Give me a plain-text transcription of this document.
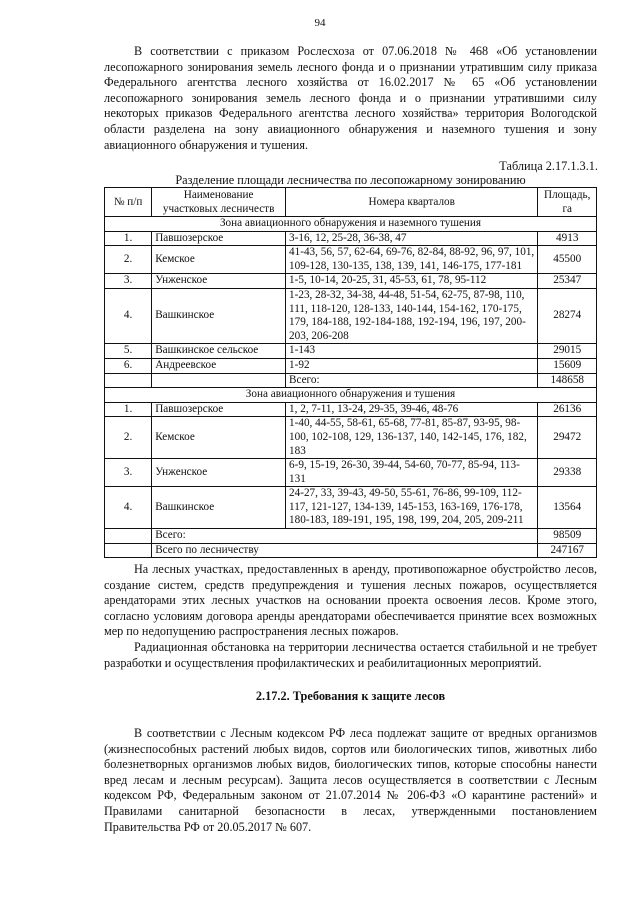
94

В соответствии с приказом Рослесхоза от 07.06.2018 № 468 «Об установлении лесопожарного зонирования земель лесного фонда и о признании утратившим силу приказа Федерального агентства лесного хозяйства от 16.02.2017 № 65 «Об установлении лесопожарного зонирования земель лесного фонда и о признании утратившими силу некоторых приказов Федерального агентства лесного хозяйства» территория Вологодской области разделена на зону авиационного обнаружения и наземного тушения и зону авиационного обнаружения и тушения.

Таблица 2.17.1.3.1.
Разделение площади лесничества по лесопожарному зонированию
№ п/п	Наименование участковых лесничеств	Номера кварталов	Площадь, га
Зона авиационного обнаружения и наземного тушения			
1.	Павшозерское	3-16, 12, 25-28, 36-38, 47	4913
2.	Кемское	41-43, 56, 57, 62-64, 69-76, 82-84, 88-92, 96, 97, 101, 109-128, 130-135, 138, 139, 141, 146-175, 177-181	45500
3.	Унженское	1-5, 10-14, 20-25, 31, 45-53, 61, 78, 95-112	25347
4.	Вашкинское	1-23, 28-32, 34-38, 44-48, 51-54, 62-75, 87-98, 110, 111, 118-120, 128-133, 140-144, 154-162, 170-175, 179, 184-188, 192-184-188, 192-194, 196, 197, 200-203, 206-208	28274
5.	Вашкинское сельское	1-143	29015
6.	Андреевское	1-92	15609
		Всего:	148658
Зона авиационного обнаружения и тушения			
1.	Павшозерское	1, 2, 7-11, 13-24, 29-35, 39-46, 48-76	26136
2.	Кемское	1-40, 44-55, 58-61, 65-68, 77-81, 85-87, 93-95, 98- 100, 102-108, 129, 136-137, 140, 142-145, 176, 182, 183	29472
3.	Унженское	6-9, 15-19, 26-30, 39-44, 54-60, 70-77, 85-94, 113- 131	29338
4.	Вашкинское	24-27, 33, 39-43, 49-50, 55-61, 76-86, 99-109, 112- 117, 121-127, 134-139, 145-153, 163-169, 176-178, 180-183, 189-191, 195, 198, 199, 204, 205, 209-211	13564
	Всего:		98509
	Всего по лесничеству		247167

На лесных участках, предоставленных в аренду, противопожарное обустройство лесов, создание систем, средств предупреждения и тушения лесных пожаров, осуществляется арендаторами этих лесных участков на основании проекта освоения лесов. Кроме этого, согласно условиям договора аренды арендаторами обеспечивается принятие всех возможных мер по недопущению распространения лесных пожаров.

Радиационная обстановка на территории лесничества остается стабильной и не требует разработки и осуществления профилактических и реабилитационных мероприятий.

2.17.2. Требования к защите лесов

В соответствии с Лесным кодексом РФ леса подлежат защите от вредных организмов (жизнеспособных растений любых видов, сортов или биологических типов, животных либо болезнетворных организмов любых видов, биологических типов, которые способны нанести вред лесам и лесным ресурсам). Защита лесов осуществляется в соответствии с Лесным кодексом РФ, Федеральным законом от 21.07.2014 № 206-ФЗ «О карантине растений» и Правилами санитарной безопасности в лесах, утвержденными постановлением Правительства РФ от 20.05.2017 № 607.
